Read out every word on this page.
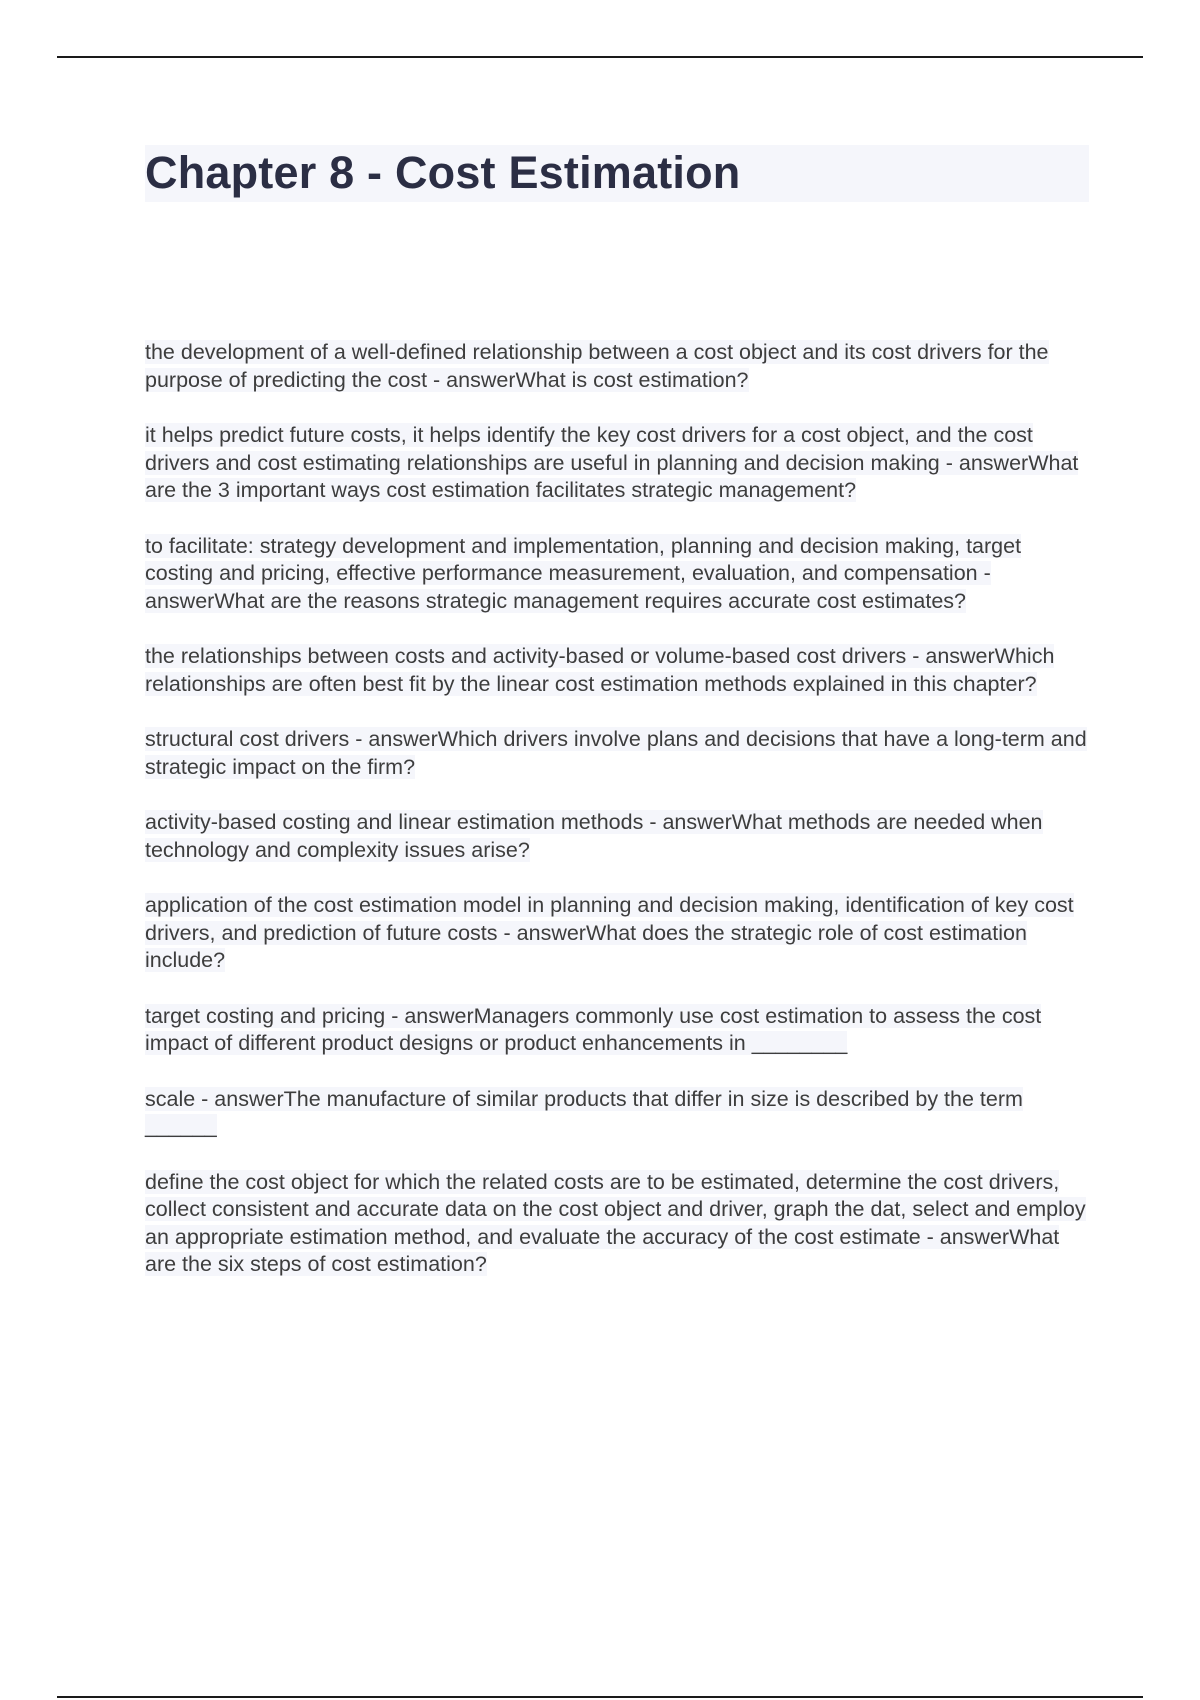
Chapter 8 - Cost Estimation

the development of a well-defined relationship between a cost object and its cost drivers for the purpose of predicting the cost - answerWhat is cost estimation?

it helps predict future costs, it helps identify the key cost drivers for a cost object, and the cost drivers and cost estimating relationships are useful in planning and decision making - answerWhat are the 3 important ways cost estimation facilitates strategic management?

to facilitate: strategy development and implementation, planning and decision making, target costing and pricing, effective performance measurement, evaluation, and compensation - answerWhat are the reasons strategic management requires accurate cost estimates?

the relationships between costs and activity-based or volume-based cost drivers - answerWhich relationships are often best fit by the linear cost estimation methods explained in this chapter?

structural cost drivers - answerWhich drivers involve plans and decisions that have a long-term and strategic impact on the firm?

activity-based costing and linear estimation methods - answerWhat methods are needed when technology and complexity issues arise?

application of the cost estimation model in planning and decision making, identification of key cost drivers, and prediction of future costs - answerWhat does the strategic role of cost estimation include?

target costing and pricing - answerManagers commonly use cost estimation to assess the cost impact of different product designs or product enhancements in ________

scale - answerThe manufacture of similar products that differ in size is described by the term ______

define the cost object for which the related costs are to be estimated, determine the cost drivers, collect consistent and accurate data on the cost object and driver, graph the dat, select and employ an appropriate estimation method, and evaluate the accuracy of the cost estimate - answerWhat are the six steps of cost estimation?
